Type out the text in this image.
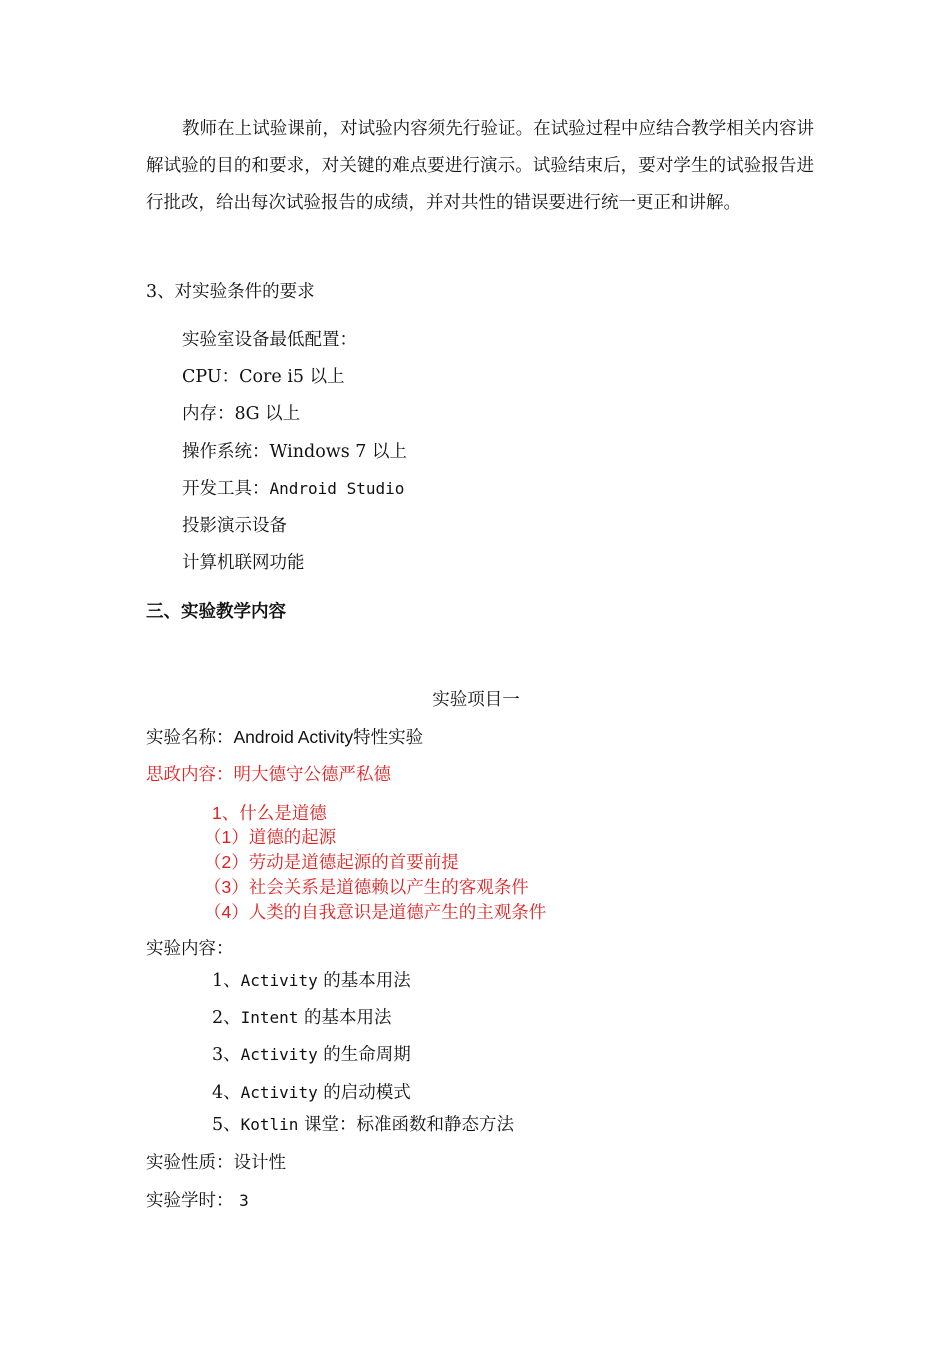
教师在上试验课前，对试验内容须先行验证。在试验过程中应结合教学相关内容讲解试验的目的和要求，对关键的难点要进行演示。试验结束后，要对学生的试验报告进行批改，给出每次试验报告的成绩，并对共性的错误要进行统一更正和讲解。

3、对实验条件的要求
实验室设备最低配置：
CPU：Core i5 以上
内存：8G 以上
操作系统：Windows 7 以上
开发工具：Android Studio
投影演示设备
计算机联网功能
三、实验教学内容
实验项目一
实验名称：Android Activity特性实验
思政内容：明大德守公德严私德
1、什么是道德
（1）道德的起源
（2）劳动是道德起源的首要前提
（3）社会关系是道德赖以产生的客观条件
（4）人类的自我意识是道德产生的主观条件
实验内容：
1、Activity 的基本用法
2、Intent 的基本用法
3、Activity 的生命周期
4、Activity 的启动模式
5、Kotlin 课堂：标准函数和静态方法
实验性质：设计性
实验学时： 3
